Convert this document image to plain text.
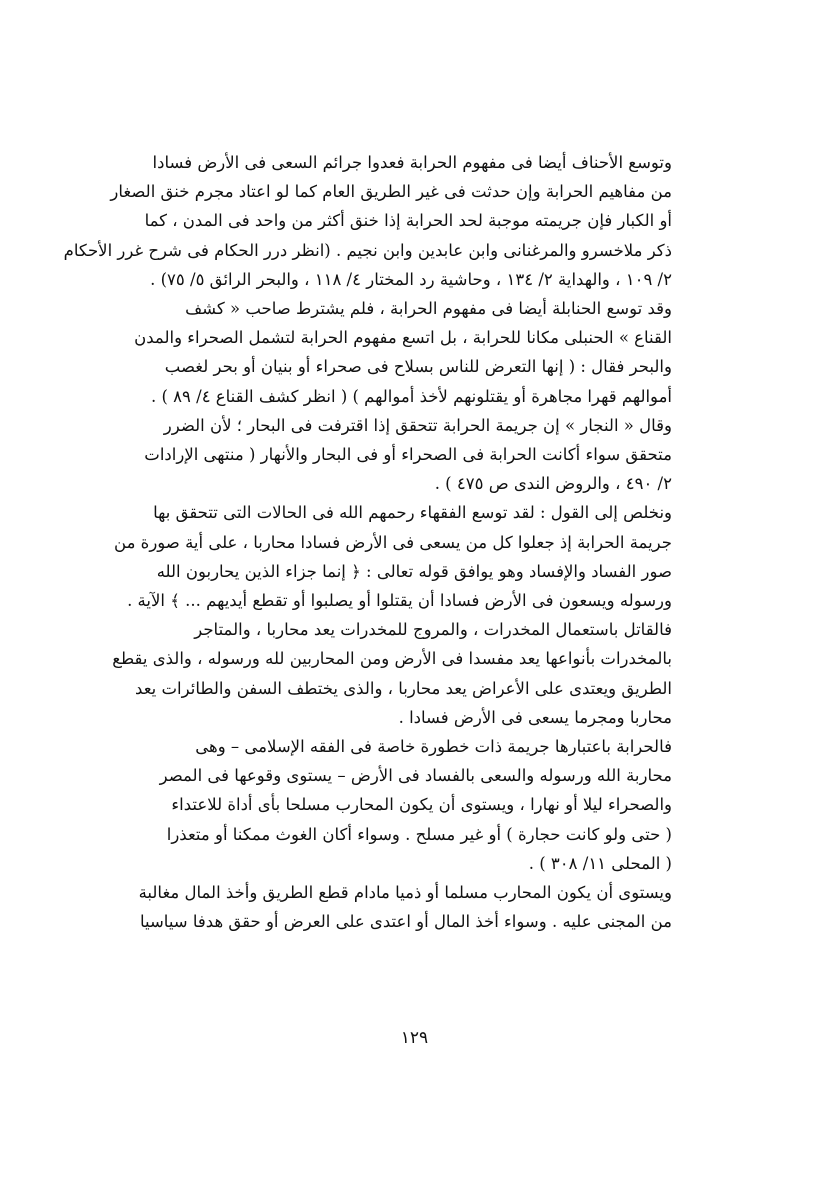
وتوسع الأحناف أيضا فى مفهوم الحرابة فعدوا جرائم السعى فى الأرض فسادا
من مفاهيم الحرابة وإن حدثت فى غير الطريق العام كما لو اعتاد مجرم خنق الصغار
أو الكبار فإن جريمته موجبة لحد الحرابة إذا خنق أكثر من واحد فى المدن ، كما
ذكر ملاخسرو والمرغنانى وابن عابدين وابن نجيم . (انظر درر الحكام فى شرح غرر الأحكام
٢/ ١٠٩ ، والهداية ٢/ ١٣٤ ، وحاشية رد المختار ٤/ ١١٨ ، والبحر الرائق ٥/ ٧٥) .

وقد توسع الحنابلة أيضا فى مفهوم الحرابة ، فلم يشترط صاحب « كشف
القناع » الحنبلى مكانا للحرابة ، بل اتسع مفهوم الحرابة لتشمل الصحراء والمدن
والبحر فقال : ( إنها التعرض للناس بسلاح فى صحراء أو بنيان أو بحر لغصب
أموالهم قهرا مجاهرة أو يقتلونهم لأخذ أموالهم ) ( انظر كشف القناع ٤/ ٨٩ ) .

وقال « النجار » إن جريمة الحرابة تتحقق إذا اقترفت فى البحار ؛ لأن الضرر
متحقق سواء أكانت الحرابة فى الصحراء أو فى البحار والأنهار ( منتهى الإرادات
٢/ ٤٩٠ ، والروض الندى ص ٤٧٥ ) .

ونخلص إلى القول : لقد توسع الفقهاء رحمهم الله فى الحالات التى تتحقق بها
جريمة الحرابة إذ جعلوا كل من يسعى فى الأرض فسادا محاربا ، على أية صورة من
صور الفساد والإفساد وهو يوافق قوله تعالى : ﴿ إنما جزاء الذين يحاربون الله
ورسوله ويسعون فى الأرض فسادا أن يقتلوا أو يصلبوا أو تقطع أيديهم ... ﴾ الآية .

فالقاتل باستعمال المخدرات ، والمروج للمخدرات يعد محاربا ، والمتاجر
بالمخدرات بأنواعها يعد مفسدا فى الأرض ومن المحاربين لله ورسوله ، والذى يقطع
الطريق ويعتدى على الأعراض يعد محاربا ، والذى يختطف السفن والطائرات يعد
محاربا ومجرما يسعى فى الأرض فسادا .

فالحرابة باعتبارها جريمة ذات خطورة خاصة فى الفقه الإسلامى – وهى
محاربة الله ورسوله والسعى بالفساد فى الأرض – يستوى وقوعها فى المصر
والصحراء ليلا أو نهارا ، ويستوى أن يكون المحارب مسلحا بأى أداة للاعتداء
( حتى ولو كانت حجارة ) أو غير مسلح . وسواء أكان الغوث ممكنا أو متعذرا
( المحلى ١١/ ٣٠٨ ) .

ويستوى أن يكون المحارب مسلما أو ذميا مادام قطع الطريق وأخذ المال مغالبة
من المجنى عليه . وسواء أخذ المال أو اعتدى على العرض أو حقق هدفا سياسيا

١٢٩
